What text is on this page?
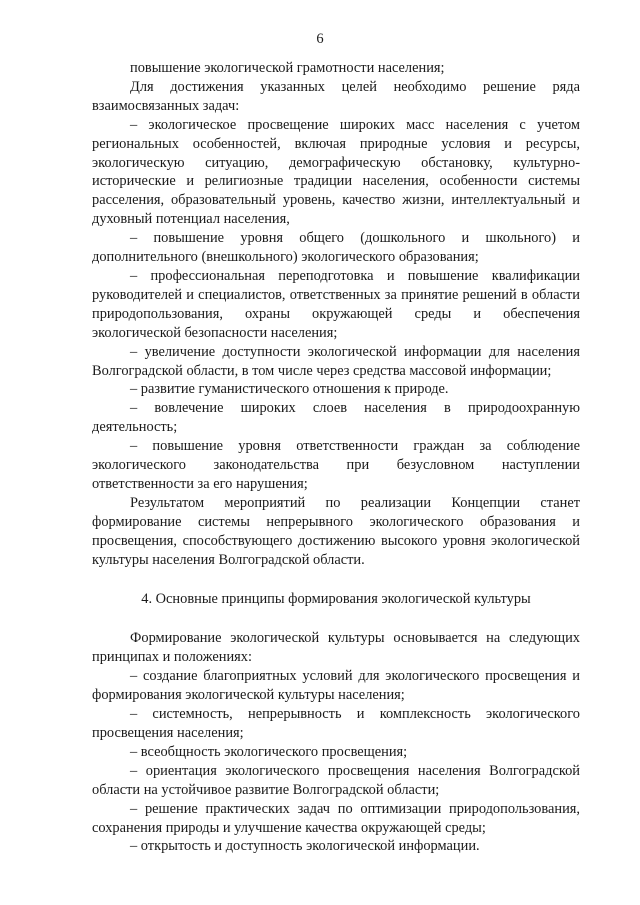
6

повышение экологической грамотности населения;

Для достижения указанных целей необходимо решение ряда взаимосвязанных задач:

– экологическое просвещение широких масс населения с учетом региональных особенностей, включая природные условия и ресурсы, экологическую ситуацию, демографическую обстановку, культурно-исторические и религиозные традиции населения, особенности системы расселения, образовательный уровень, качество жизни, интеллектуальный и духовный потенциал населения,

– повышение уровня общего (дошкольного и школьного) и дополнительного (внешкольного) экологического образования;

– профессиональная переподготовка и повышение квалификации руководителей и специалистов, ответственных за принятие решений в области природопользования, охраны окружающей среды и обеспечения экологической безопасности населения;

– увеличение доступности экологической информации для населения Волгоградской области, в том числе через средства массовой информации;

– развитие гуманистического отношения к природе.

– вовлечение широких слоев населения в природоохранную деятельность;

– повышение уровня ответственности граждан за соблюдение экологического законодательства при безусловном наступлении ответственности за его нарушения;

Результатом мероприятий по реализации Концепции станет формирование системы непрерывного экологического образования и просвещения, способствующего достижению высокого уровня экологической культуры населения Волгоградской области.

4. Основные принципы формирования экологической культуры

Формирование экологической культуры основывается на следующих принципах и положениях:

– создание благоприятных условий для экологического просвещения и формирования экологической культуры населения;

– системность, непрерывность и комплексность экологического просвещения населения;

– всеобщность экологического просвещения;

– ориентация экологического просвещения населения Волгоградской области на устойчивое развитие Волгоградской области;

– решение практических задач по оптимизации природопользования, сохранения природы и улучшение качества окружающей среды;

– открытость и доступность экологической информации.
